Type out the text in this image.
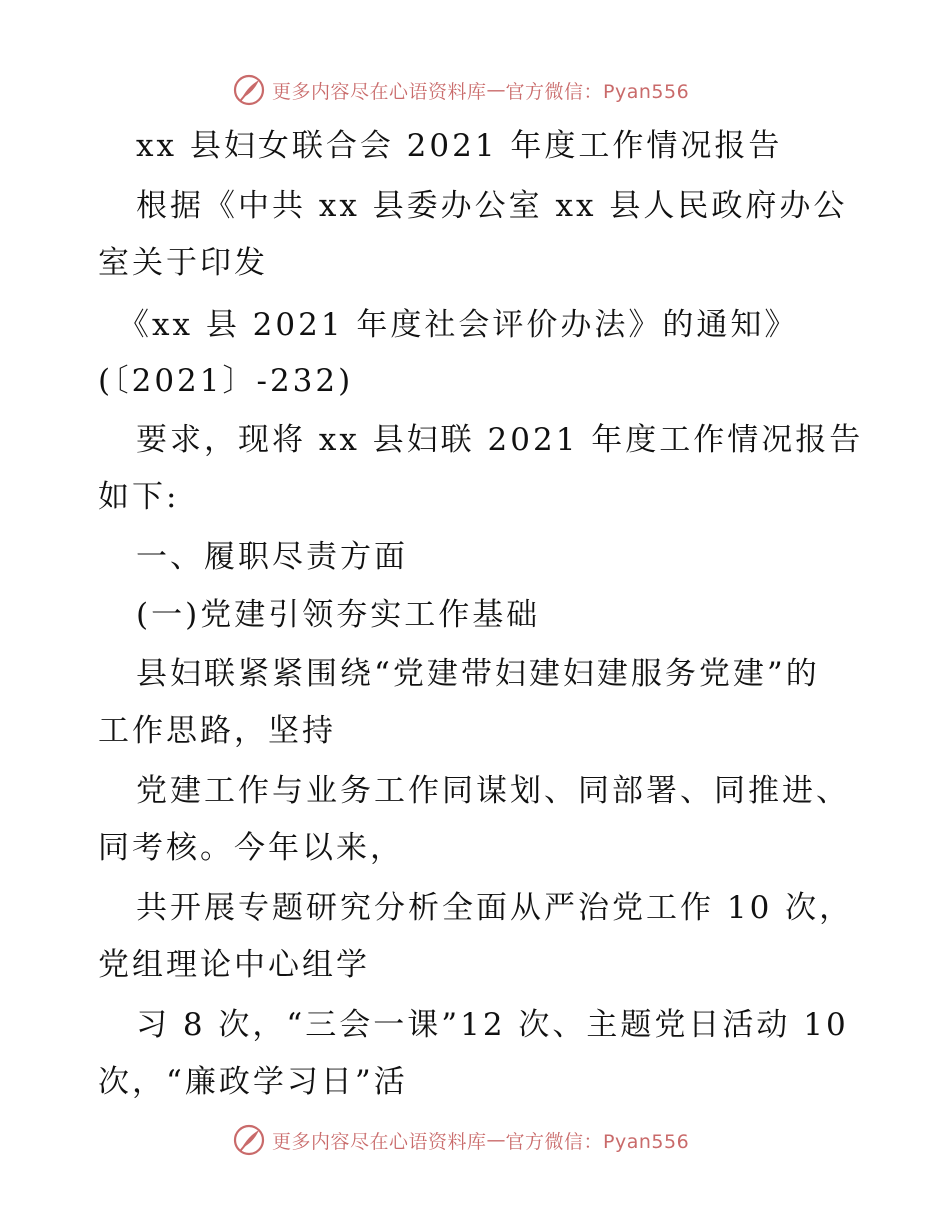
更多内容尽在心语资料库 — 官方微信：Pyan556
xx 县妇女联合会 2021 年度工作情况报告
根据《中共 xx 县委办公室 xx 县人民政府办公
室关于印发
《xx 县 2021 年度社会评价办法》的通知》
(〔2021〕-232)
要求，现将 xx 县妇联 2021 年度工作情况报告
如下:
一、履职尽责方面
(一)党建引领夯实工作基础
县妇联紧紧围绕“党建带妇建妇建服务党建”的
工作思路，坚持
党建工作与业务工作同谋划、同部署、同推进、
同考核。今年以来，
共开展专题研究分析全面从严治党工作 10 次，
党组理论中心组学
习 8 次，“三会一课”12 次、主题党日活动 10
次，“廉政学习日”活
更多内容尽在心语资料库 — 官方微信：Pyan556
